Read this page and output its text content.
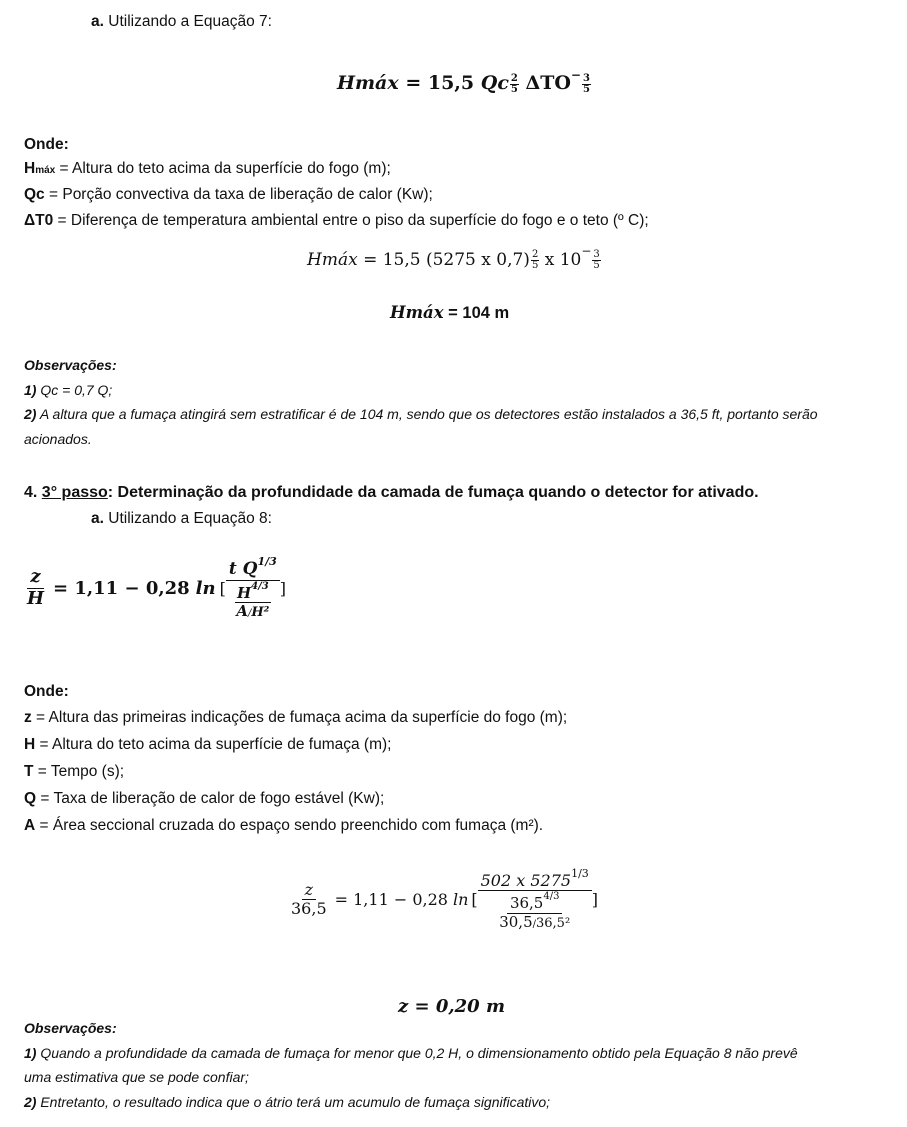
a. Utilizando a Equação 7:
Hmáx = 15,5 Qc $\frac{2}{5} \Delta TO^- \frac{3}{5}$
Onde:
Hmáx = Altura do teto acima da superfície do fogo (m);
Qc = Porção convectiva da taxa de liberação de calor (Kw);
ΔT0 = Diferença de temperatura ambiental entre o piso da superfície do fogo e o teto (º C);
Hmáx = 15,5 (5275 x $0,7) \frac{2}{5}$ x $10^- \frac{3}{5}$
Hmáx = 104 m
Observações:
1) Qc = 0,7 Q;
2) A altura que a fumaça atingirá sem estratificar é de 104 m, sendo que os detectores estão instalados a 36,5 ft, portanto serão
acionados.
4. 3° passo: Determinação da profundidade da camada de fumaça quando o detector for ativado.
a. Utilizando a Equação 8:
$\frac{z}{H} = 1,11 - 0,28$ ln [ t $Q^{1/3}$
$H^{4/3}$
A/H² ]
Onde:
z = Altura das primeiras indicações de fumaça acima da superfície do fogo (m);
H = Altura do teto acima da superfície de fumaça (m);
T = Tempo (s);
Q = Taxa de liberação de calor de fogo estável (Kw);
A = Área seccional cruzada do espaço sendo preenchido com fumaça (m²).
$\frac{z}{36,5} = 1,11 - 0,28$ ln [ 502 x $5275^{1/3}$
$36,5^{4/3}$
30,5/36,5² ]
z = 0,20 m
Observações:
1) Quando a profundidade da camada de fumaça for menor que 0,2 H, o dimensionamento obtido pela Equação 8 não prevê
uma estimativa que se pode confiar;
2) Entretanto, o resultado indica que o átrio terá um acumulo de fumaça significativo;
